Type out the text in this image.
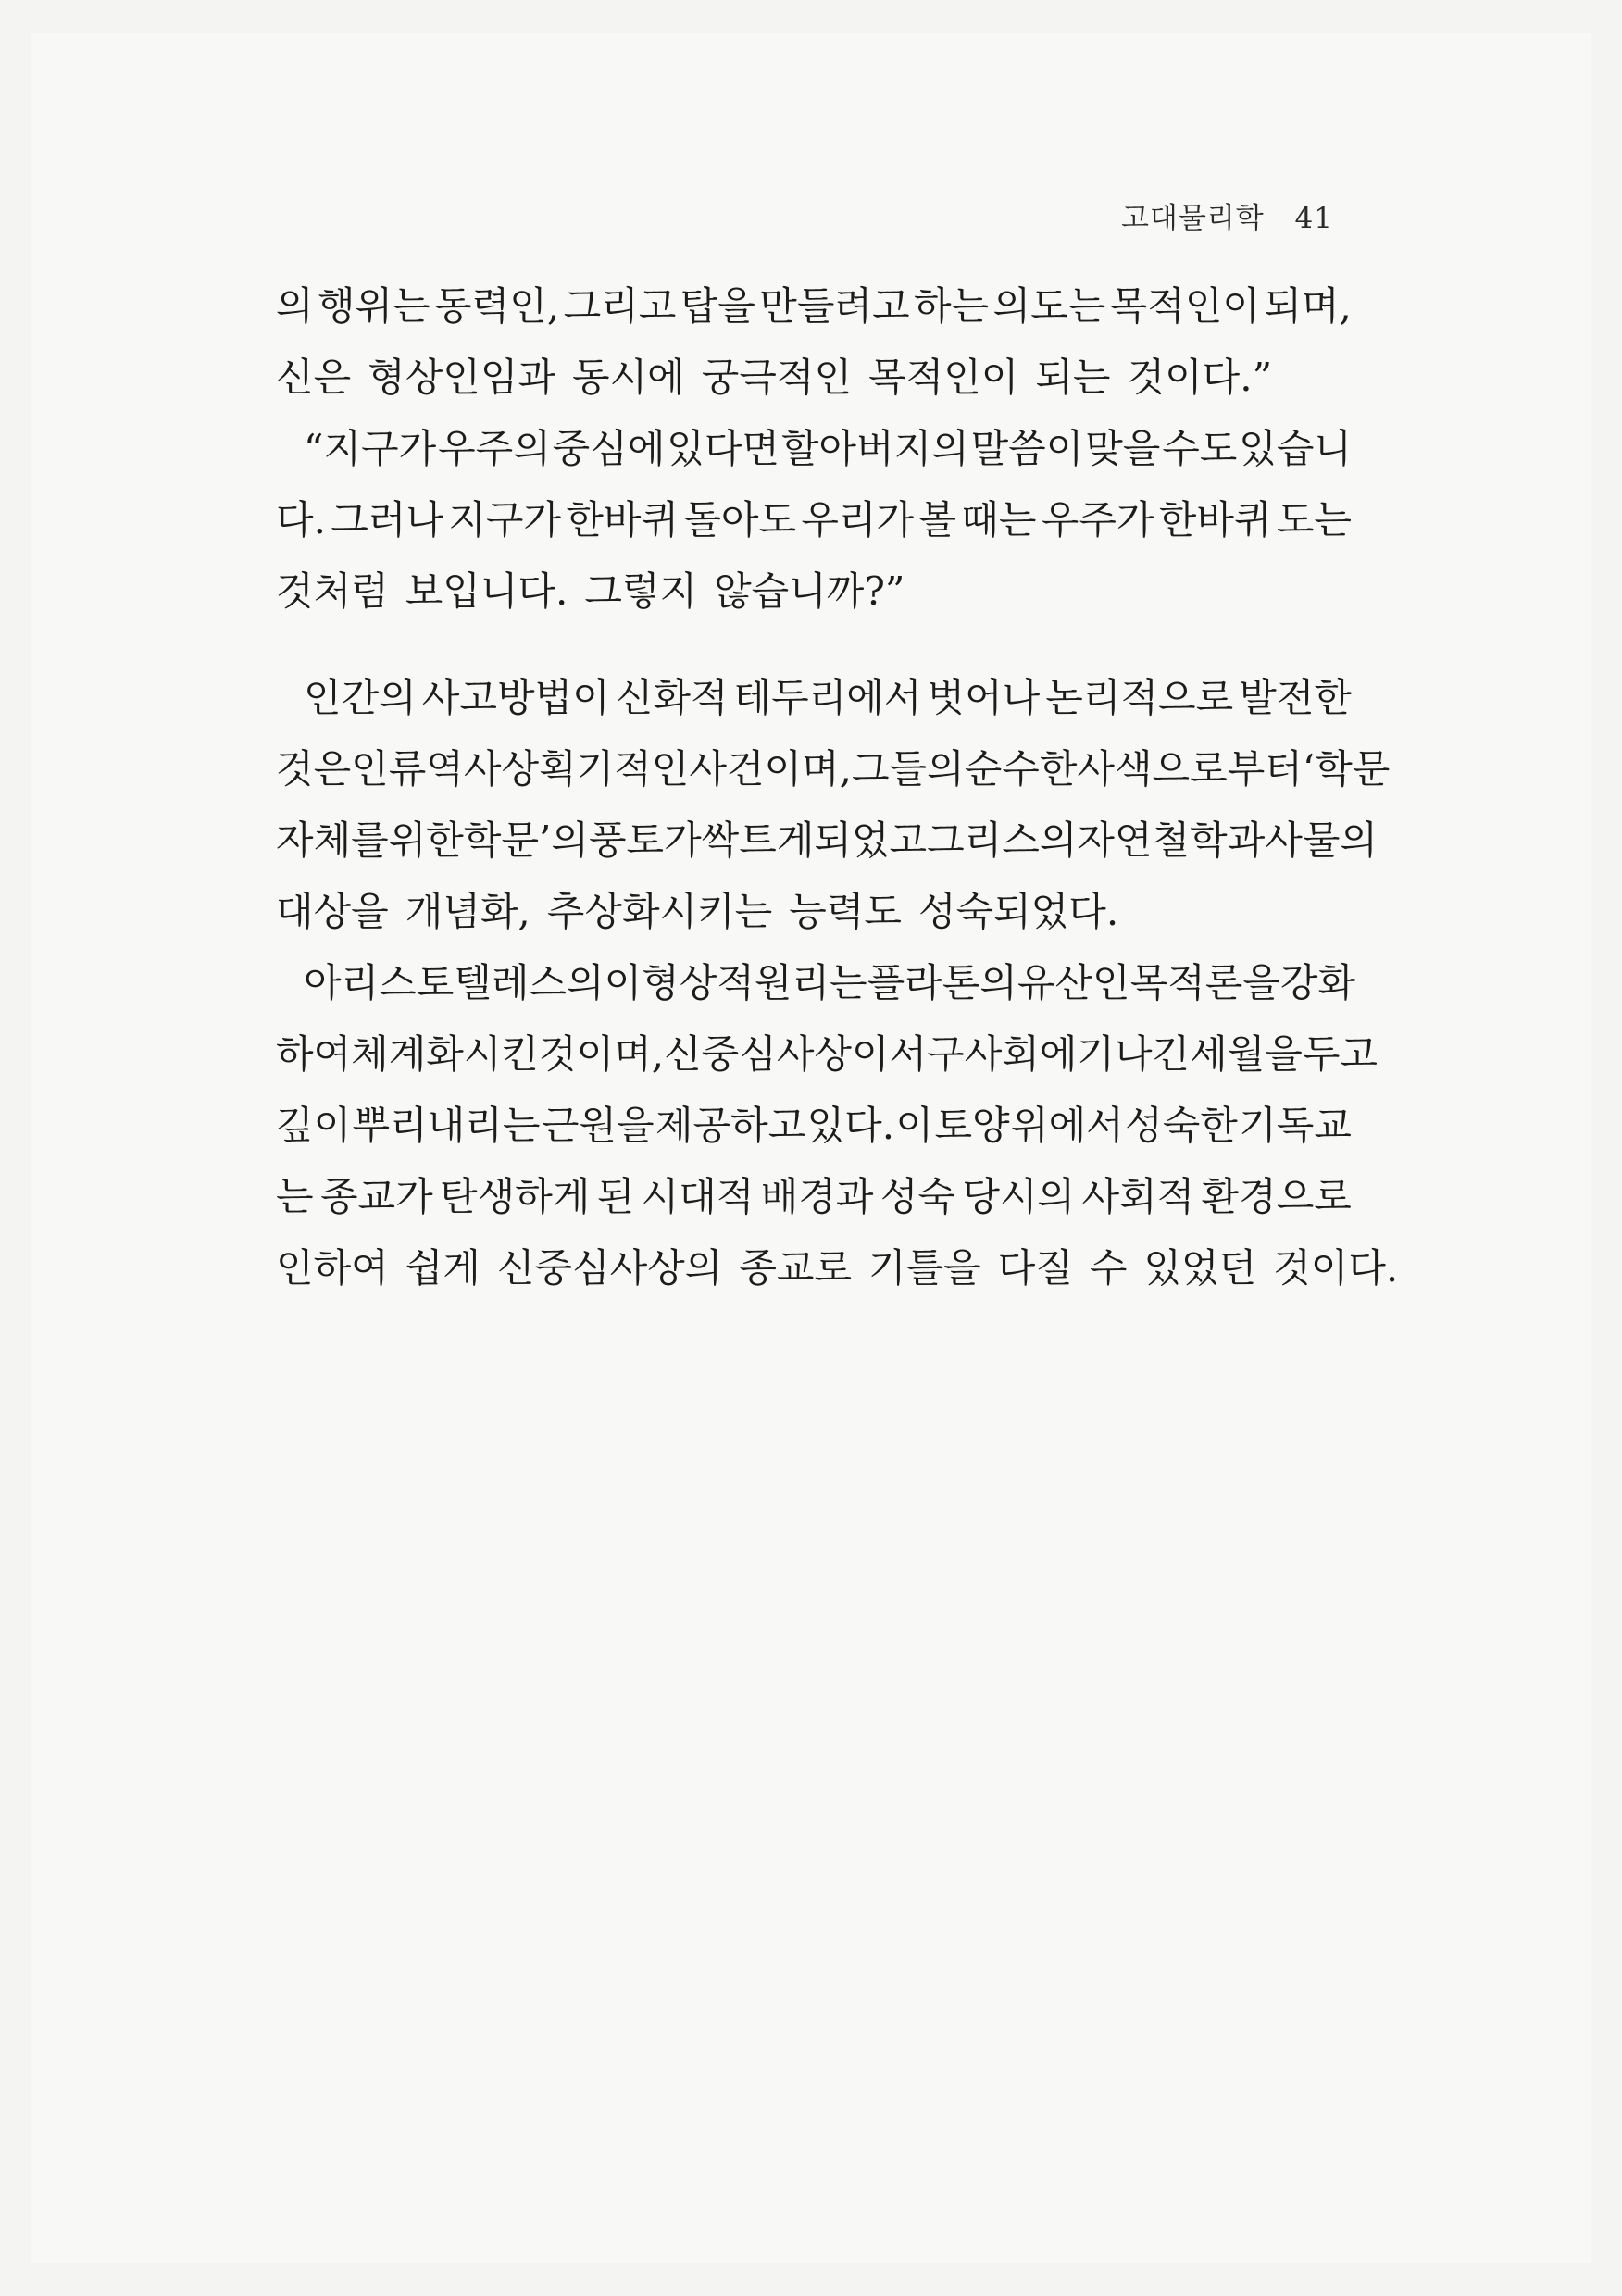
고대물리학 41
의 행위는 동력인, 그리고 탑을 만들려고 하는 의도는 목적인이 되며,
신은 형상인임과 동시에 궁극적인 목적인이 되는 것이다.”
“지구가 우주의 중심에 있다면 할아버지의 말씀이 맞을 수도 있습니
다. 그러나 지구가 한바퀴 돌아도 우리가 볼 때는 우주가 한바퀴 도는
것처럼 보입니다. 그렇지 않습니까?”
인간의 사고방법이 신화적 테두리에서 벗어나 논리적으로 발전한
것은 인류역사상 획기적인 사건이며, 그들의 순수한 사색으로부터 ‘학문
자체를 위한 학문’의 풍토가 싹트게 되었고 그리스의 자연철학과 사물의
대상을 개념화, 추상화시키는 능력도 성숙되었다.
아리스토텔레스의 이 형상적 원리는 플라톤의 유산인 목적론을 강화
하여 체계화시킨 것이며, 신중심사상이 서구사회에 기나긴 세월을 두고
깊이 뿌리내리는 근원을 제공하고 있다. 이 토양 위에서 성숙한 기독교
는 종교가 탄생하게 된 시대적 배경과 성숙 당시의 사회적 환경으로
인하여 쉽게 신중심사상의 종교로 기틀을 다질 수 있었던 것이다.
